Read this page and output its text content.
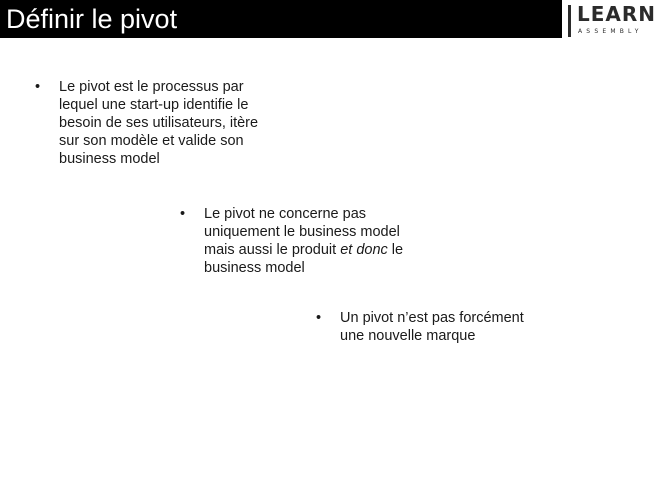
Définir le pivot	LEARN
ASSEMBLY
• Le pivot est le processus par
lequel une start-up identifie le
besoin de ses utilisateurs, itère
sur son modèle et valide son
business model
• Le pivot ne concerne pas
uniquement le business model
mais aussi le produit et donc le
business model
• Un pivot n’est pas forcément
une nouvelle marque
